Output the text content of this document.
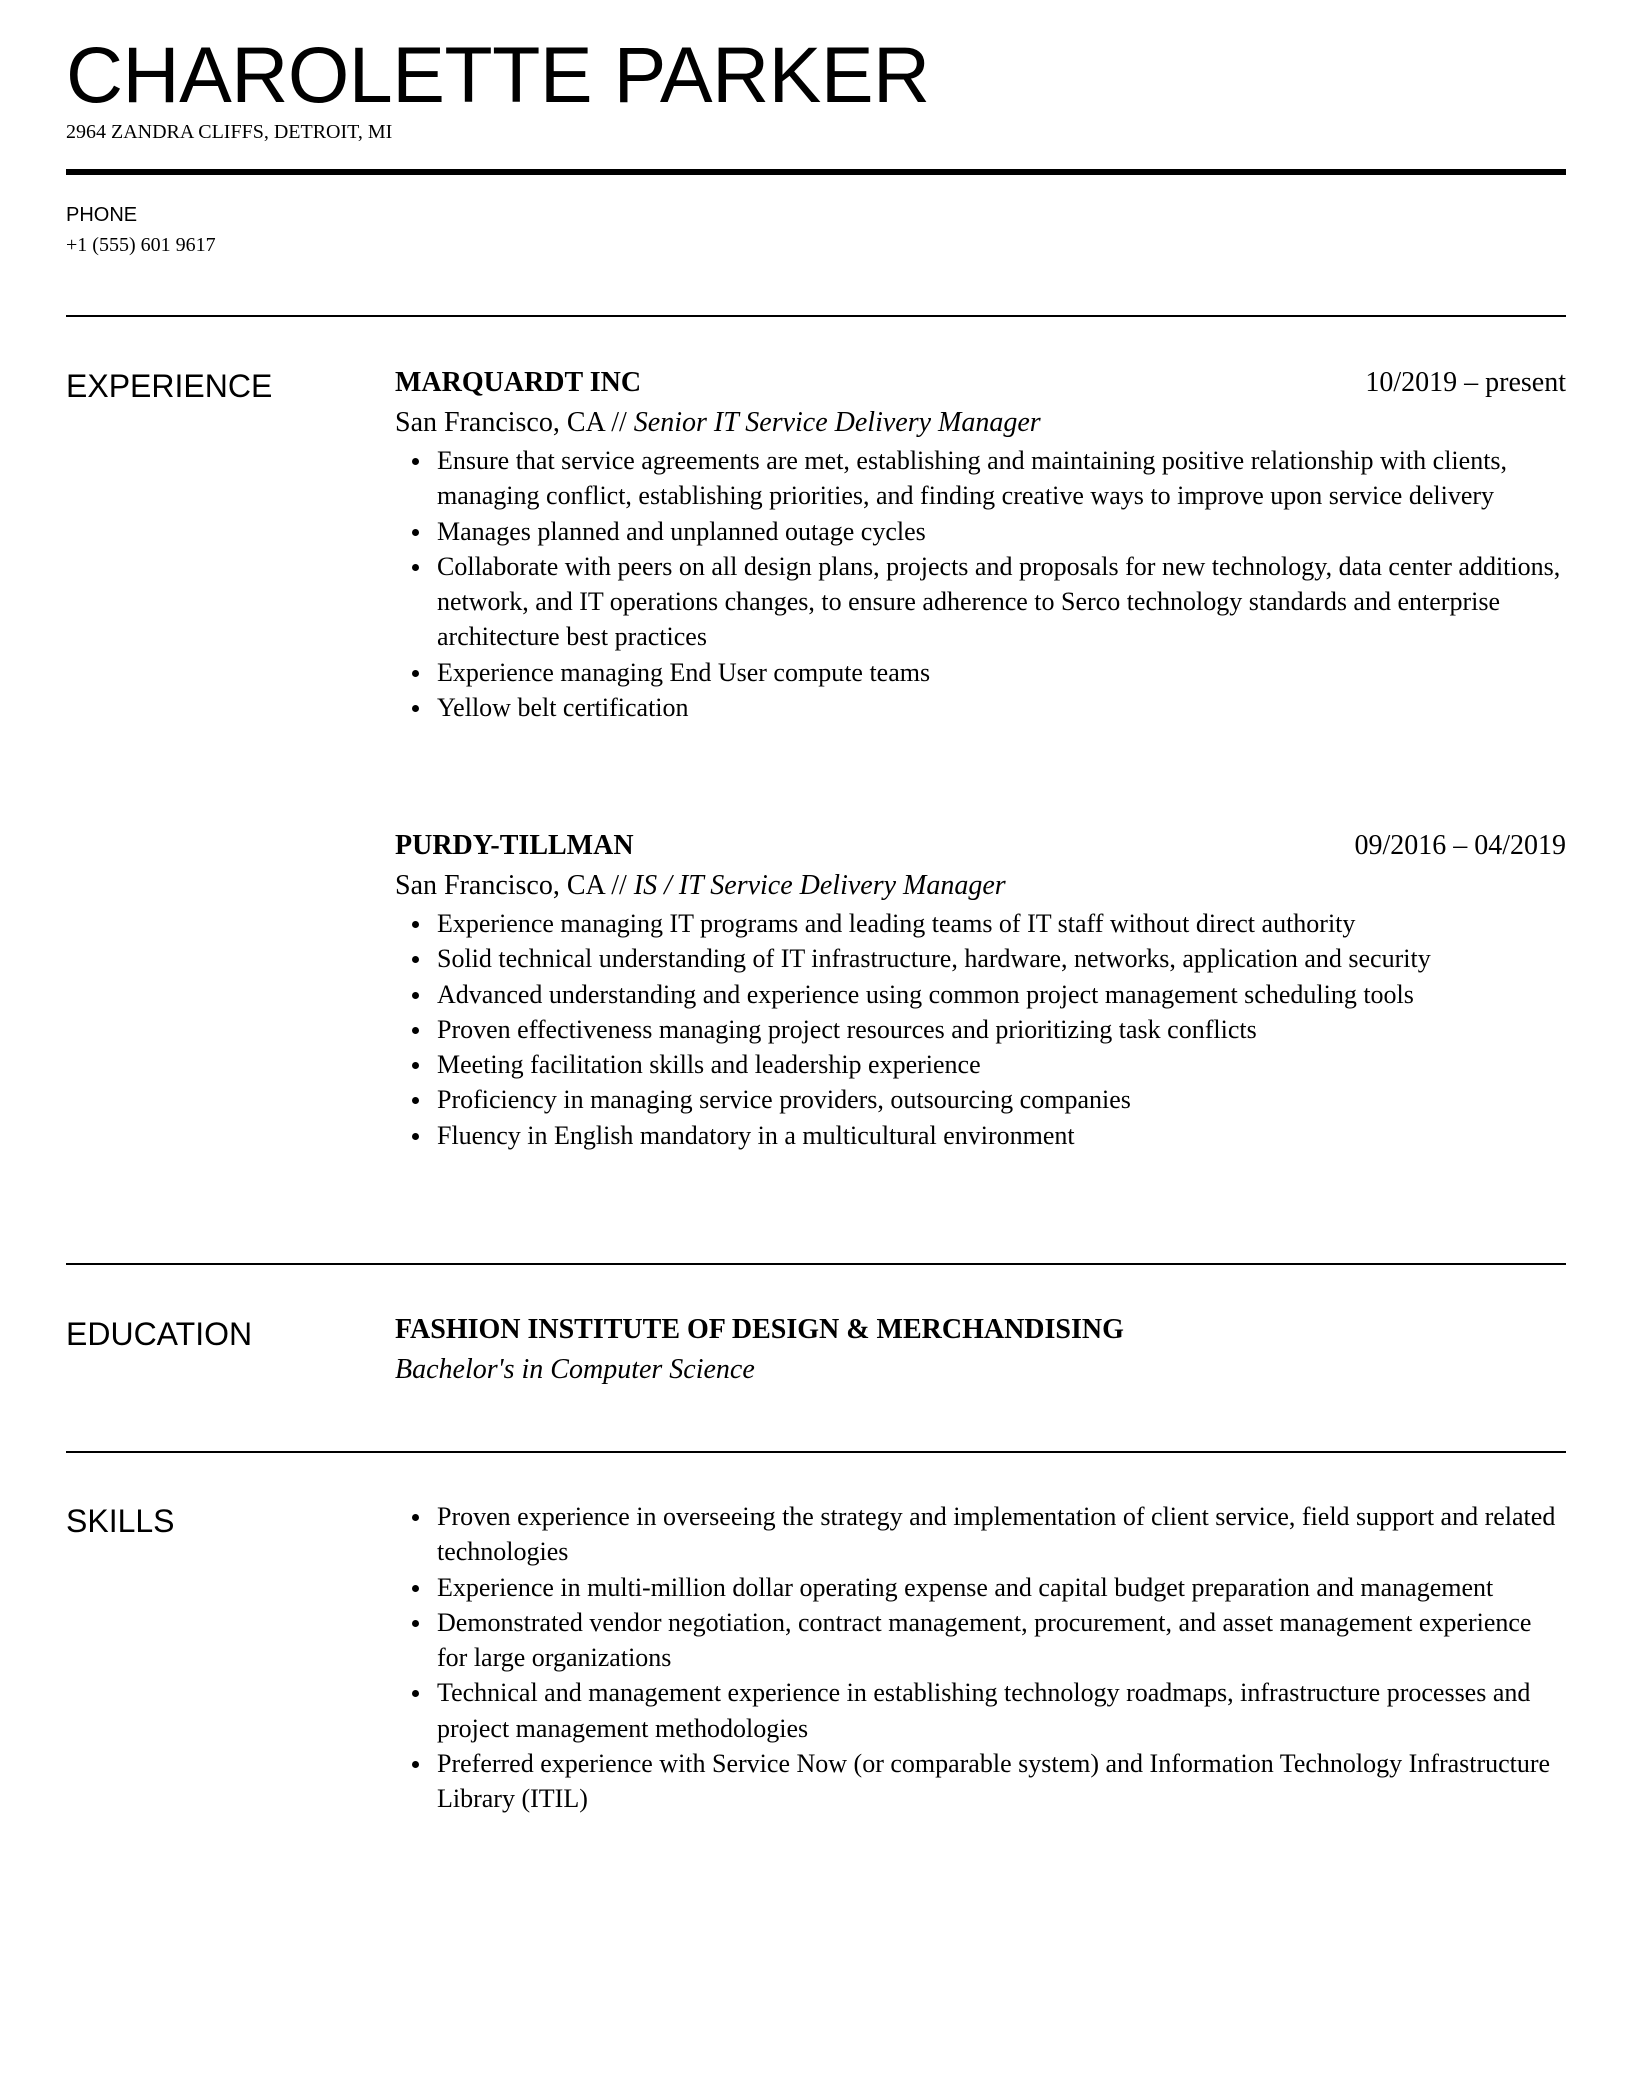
CHAROLETTE PARKER
2964 ZANDRA CLIFFS, DETROIT, MI
PHONE
+1 (555) 601 9617
EXPERIENCE	MARQUARDT INC	10/2019 – present
San Francisco, CA // Senior IT Service Delivery Manager
Ensure that service agreements are met, establishing and maintaining positive relationship with clients, managing conflict, establishing priorities, and finding creative ways to improve upon service delivery
Manages planned and unplanned outage cycles
Collaborate with peers on all design plans, projects and proposals for new technology, data center additions, network, and IT operations changes, to ensure adherence to Serco technology standards and enterprise architecture best practices
Experience managing End User compute teams
Yellow belt certification
PURDY-TILLMAN	09/2016 – 04/2019
San Francisco, CA // IS / IT Service Delivery Manager
Experience managing IT programs and leading teams of IT staff without direct authority
Solid technical understanding of IT infrastructure, hardware, networks, application and security
Advanced understanding and experience using common project management scheduling tools
Proven effectiveness managing project resources and prioritizing task conflicts
Meeting facilitation skills and leadership experience
Proficiency in managing service providers, outsourcing companies
Fluency in English mandatory in a multicultural environment
EDUCATION	FASHION INSTITUTE OF DESIGN & MERCHANDISING
Bachelor's in Computer Science
SKILLS	Proven experience in overseeing the strategy and implementation of client service, field support and related technologies
Experience in multi-million dollar operating expense and capital budget preparation and management
Demonstrated vendor negotiation, contract management, procurement, and asset management experience for large organizations
Technical and management experience in establishing technology roadmaps, infrastructure processes and project management methodologies
Preferred experience with Service Now (or comparable system) and Information Technology Infrastructure Library (ITIL)
